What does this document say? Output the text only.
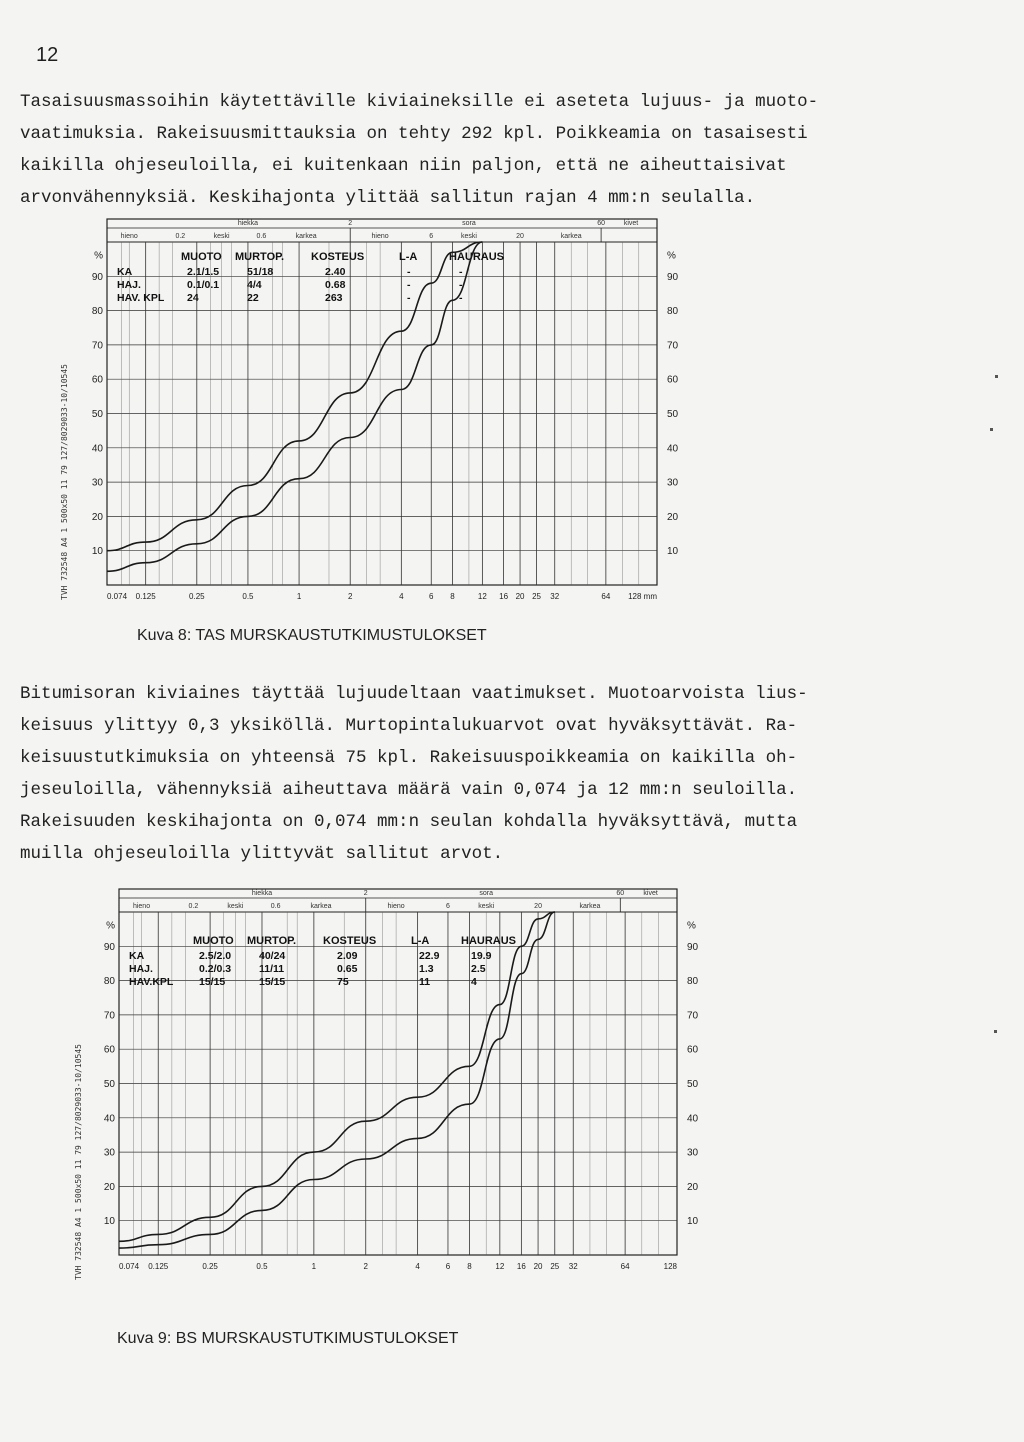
12

Tasaisuusmassoihin käytettäville kiviaineksille ei aseteta lujuus- ja muoto-
vaatimuksia. Rakeisuusmittauksia on tehty 292 kpl. Poikkeamia on tasaisesti
kaikilla ohjeseuloilla, ei kuitenkaan niin paljon, että ne aiheuttaisivat
arvonvähennyksiä. Keskihajonta ylittää sallitun rajan 4 mm:n seulalla.

10	10
20	20
30	30
40	40
50	50
60	60
70	70
80	80
90	90
%	%
0.074 0.125	0.25	0.5	1	2	4	6 8	12 16 20 25 32	64 128 mm
hiekka	2	sora	60	kivet
hieno	0.2	keski	0.6	karkea	hieno	6	keski	20	karkea
MUOTO MURTOP. KOSTEUS	L-A	HAURAUS
KA	2.1/1.5	51/18	2.40	-	-
HAJ.	0.1/0.1	4/4	0.68	-	-
HAV. KPL 24	22	263	-	-
Kuva 8: TAS MURSKAUSTUTKIMUSTULOKSET

Bitumisoran kiviaines täyttää lujuudeltaan vaatimukset. Muotoarvoista lius-
keisuus ylittyy 0,3 yksiköllä. Murtopintalukuarvot ovat hyväksyttävät. Ra-
keisuustutkimuksia on yhteensä 75 kpl. Rakeisuuspoikkeamia on kaikilla oh-
jeseuloilla, vähennyksiä aiheuttava määrä vain 0,074 ja 12 mm:n seuloilla.
Rakeisuuden keskihajonta on 0,074 mm:n seulan kohdalla hyväksyttävä, mutta
muilla ohjeseuloilla ylittyvät sallitut arvot.

10	10
20	20
30	30
40	40
50	50
60	60
70	70
80	80
90	90
%	%
0.074 0.125	0.25	0.5	1	2	4	6 8	12 16 20 25 32	64	128
hiekka	2	sora	60	kivet
hieno	0.2	keski	0.6	karkea	hieno	6	keski	20	karkea
MUOTO MURTOP. KOSTEUS	L-A	HAURAUS
KA	2.5/2.0	40/24	2.09	22.9	19.9
HAJ.	0.2/0.3	11/11	0.65	1.3	2.5
HAV.KPL 15/15	15/15	75	11	4
Kuva 9: BS MURSKAUSTUTKIMUSTULOKSET
TVH 732548 A4 1 500x50 11 79 127/8029033-10/10545
TVH 732548 A4 1 500x50 11 79 127/8029033-10/10545
